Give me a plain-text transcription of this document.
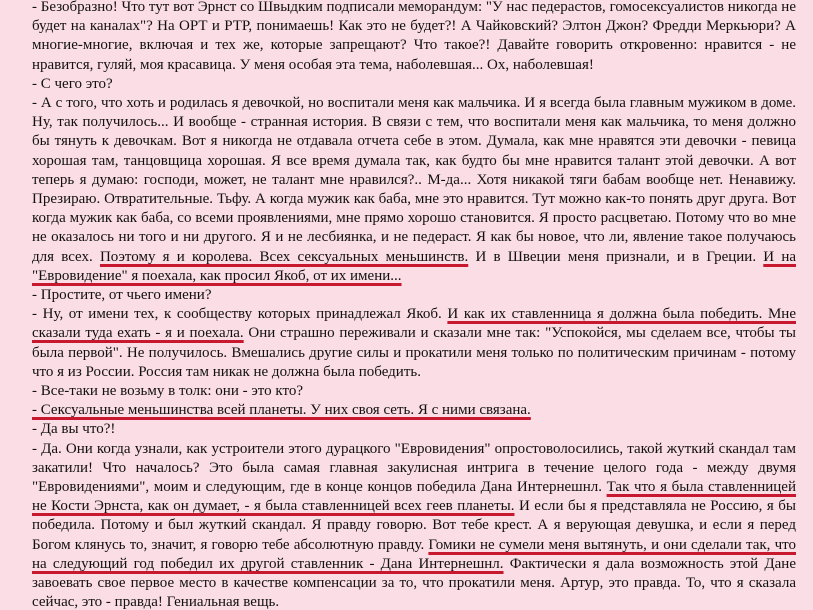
- Безобразно! Что тут вот Эрнст со Швыдким подписали меморандум: "У нас педерастов, гомосексуалистов никогда не будет на каналах"? На ОРТ и РТР, понимаешь! Как это не будет?! А Чайковский? Элтон Джон? Фредди Меркьюри? А многие-многие, включая и тех же, которые запрещают? Что такое?! Давайте говорить откровенно: нравится - не нравится, гуляй, моя красавица. У меня особая эта тема, наболевшая... Ох, наболевшая!

- С чего это?

- А с того, что хоть и родилась я девочкой, но воспитали меня как мальчика. И я всегда была главным мужиком в доме. Ну, так получилось... И вообще - странная история. В связи с тем, что воспитали меня как мальчика, то меня должно бы тянуть к девочкам. Вот я никогда не отдавала отчета себе в этом. Думала, как мне нравятся эти девочки - певица хорошая там, танцовщица хорошая. Я все время думала так, как будто бы мне нравится талант этой девочки. А вот теперь я думаю: господи, может, не талант мне нравился?.. М-да... Хотя никакой тяги бабам вообще нет. Ненавижу. Презираю. Отвратительные. Тьфу. А когда мужик как баба, мне это нравится. Тут можно как-то понять друг друга. Вот когда мужик как баба, со всеми проявлениями, мне прямо хорошо становится. Я просто расцветаю. Потому что во мне не оказалось ни того и ни другого. Я и не лесбиянка, и не педераст. Я как бы новое, что ли, явление такое получаюсь для всех. Поэтому я и королева. Всех сексуальных меньшинств. И в Швеции меня признали, и в Греции. И на "Евровидение" я поехала, как просил Якоб, от их имени...

- Простите, от чьего имени?

- Ну, от имени тех, к сообществу которых принадлежал Якоб. И как их ставленница я должна была победить. Мне сказали туда ехать - я и поехала. Они страшно переживали и сказали мне так: "Успокойся, мы сделаем все, чтобы ты была первой". Не получилось. Вмешались другие силы и прокатили меня только по политическим причинам - потому что я из России. Россия там никак не должна была победить.

- Все-таки не возьму в толк: они - это кто?

- Сексуальные меньшинства всей планеты. У них своя сеть. Я с ними связана.

- Да вы что?!

- Да. Они когда узнали, как устроители этого дурацкого "Евровидения" опростоволосились, такой жуткий скандал там закатили! Что началось? Это была самая главная закулисная интрига в течение целого года - между двумя "Евровидениями", моим и следующим, где в конце концов победила Дана Интернешнл. Так что я была ставленницей не Кости Эрнста, как он думает, - я была ставленницей всех геев планеты. И если бы я представляла не Россию, я бы победила. Потому и был жуткий скандал. Я правду говорю. Вот тебе крест. А я верующая девушка, и если я перед Богом клянусь то, значит, я говорю тебе абсолютную правду. Гомики не сумели меня вытянуть, и они сделали так, что на следующий год победил их другой ставленник - Дана Интернешнл. Фактически я дала возможность этой Дане завоевать свое первое место в качестве компенсации за то, что прокатили меня. Артур, это правда. То, что я сказала сейчас, это - правда! Гениальная вещь.
